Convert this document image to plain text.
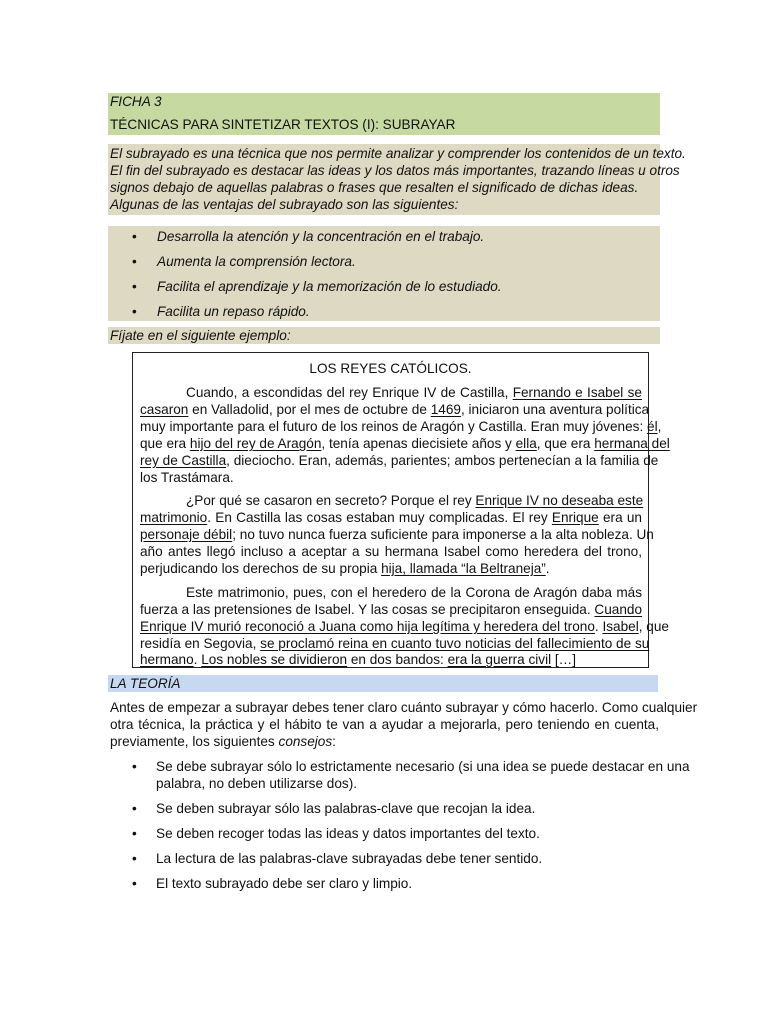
FICHA 3
TÉCNICAS PARA SINTETIZAR TEXTOS (I): SUBRAYAR
El subrayado es una técnica que nos permite analizar y comprender los contenidos de un texto.
El fin del subrayado es destacar las ideas y los datos más importantes, trazando líneas u otros
signos debajo de aquellas palabras o frases que resalten el significado de dichas ideas.
Algunas de las ventajas del subrayado son las siguientes:
• Desarrolla la atención y la concentración en el trabajo.
• Aumenta la comprensión lectora.
• Facilita el aprendizaje y la memorización de lo estudiado.
• Facilita un repaso rápido.
Fíjate en el siguiente ejemplo:
LOS REYES CATÓLICOS.
Cuando, a escondidas del rey Enrique IV de Castilla, Fernando e Isabel se
casaron en Valladolid, por el mes de octubre de 1469, iniciaron una aventura política
muy importante para el futuro de los reinos de Aragón y Castilla. Eran muy jóvenes: él,
que era hijo del rey de Aragón, tenía apenas diecisiete años y ella, que era hermana del
rey de Castilla, dieciocho. Eran, además, parientes; ambos pertenecían a la familia de
los Trastámara.
¿Por qué se casaron en secreto? Porque el rey Enrique IV no deseaba este
matrimonio. En Castilla las cosas estaban muy complicadas. El rey Enrique era un
personaje débil; no tuvo nunca fuerza suficiente para imponerse a la alta nobleza. Un
año antes llegó incluso a aceptar a su hermana Isabel como heredera del trono,
perjudicando los derechos de su propia hija, llamada “la Beltraneja”.
Este matrimonio, pues, con el heredero de la Corona de Aragón daba más
fuerza a las pretensiones de Isabel. Y las cosas se precipitaron enseguida. Cuando
Enrique IV murió reconoció a Juana como hija legítima y heredera del trono. Isabel, que
residía en Segovia, se proclamó reina en cuanto tuvo noticias del fallecimiento de su
hermano. Los nobles se dividieron en dos bandos: era la guerra civil […]
LA TEORÍA
Antes de empezar a subrayar debes tener claro cuánto subrayar y cómo hacerlo. Como cualquier
otra técnica, la práctica y el hábito te van a ayudar a mejorarla, pero teniendo en cuenta,
previamente, los siguientes consejos:
• Se debe subrayar sólo lo estrictamente necesario (si una idea se puede destacar en una
palabra, no deben utilizarse dos).
• Se deben subrayar sólo las palabras-clave que recojan la idea.
• Se deben recoger todas las ideas y datos importantes del texto.
• La lectura de las palabras-clave subrayadas debe tener sentido.
• El texto subrayado debe ser claro y limpio.
